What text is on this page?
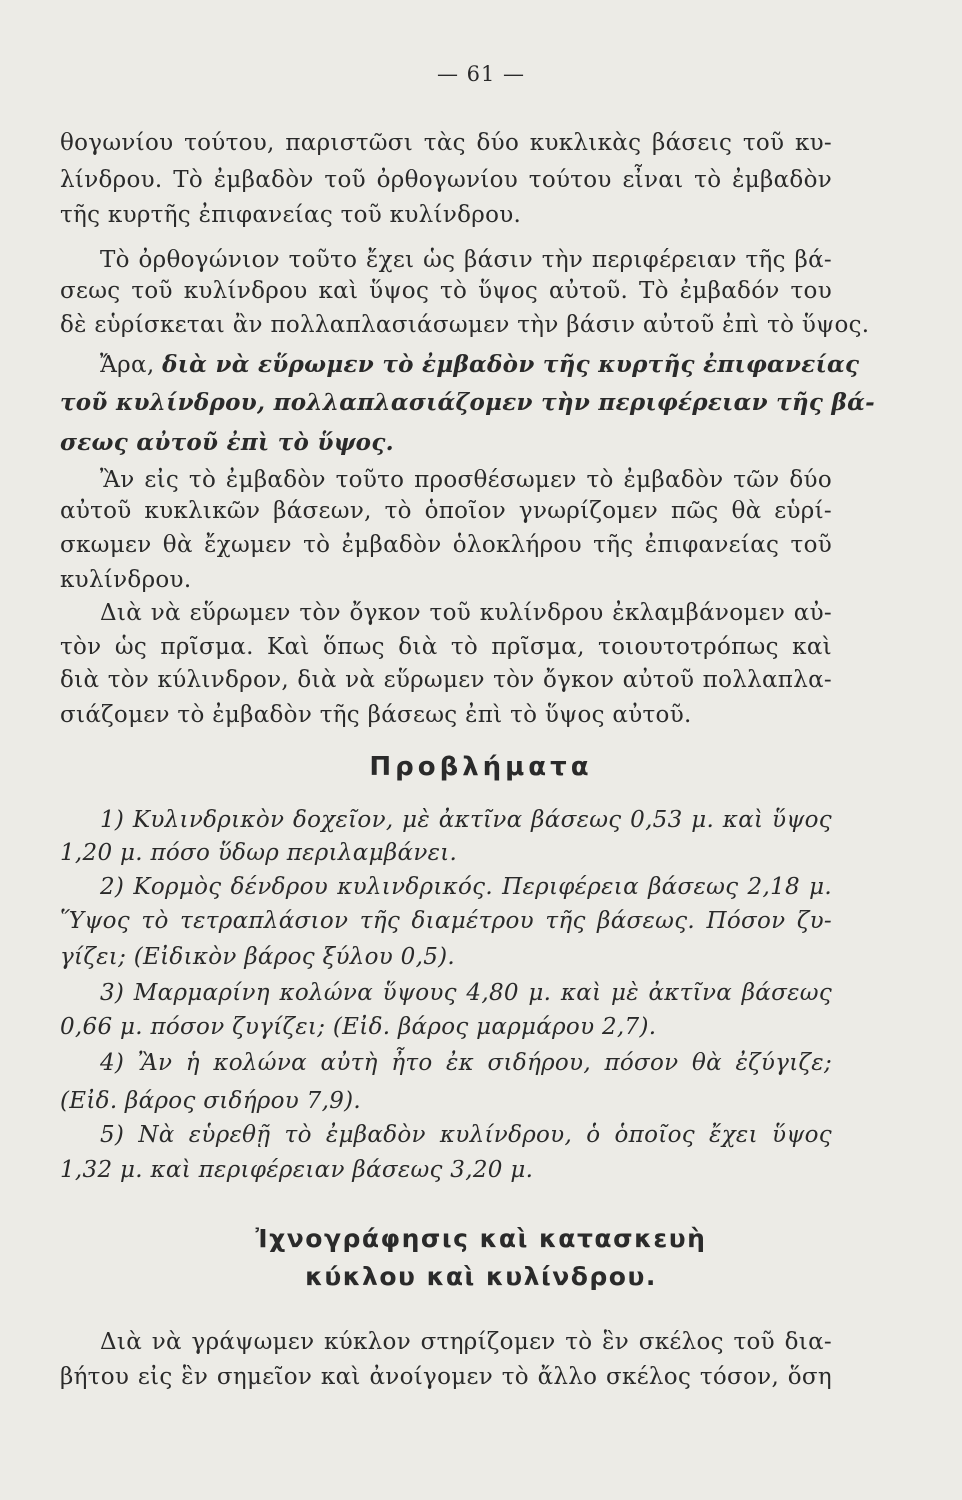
— 61 —
θογωνίου τούτου, παριστῶσι τὰς δύο κυκλικὰς βάσεις τοῦ κυ-
λίνδρου. Τὸ ἐμβαδὸν τοῦ ὀρθογωνίου τούτου εἶναι τὸ ἐμβαδὸν
τῆς κυρτῆς ἐπιφανείας τοῦ κυλίνδρου.
Τὸ ὀρθογώνιον τοῦτο ἔχει ὡς βάσιν τὴν περιφέρειαν τῆς βά-
σεως τοῦ κυλίνδρου καὶ ὕψος τὸ ὕψος αὐτοῦ. Τὸ ἐμβαδόν του
δὲ εὑρίσκεται ἂν πολλαπλασιάσωμεν τὴν βάσιν αὐτοῦ ἐπὶ τὸ ὕψος.
Ἄρα, διὰ νὰ εὕρωμεν τὸ ἐμβαδὸν τῆς κυρτῆς ἐπιφανείας
τοῦ κυλίνδρου, πολλαπλασιάζομεν τὴν περιφέρειαν τῆς βά-
σεως αὐτοῦ ἐπὶ τὸ ὕψος.
Ἂν εἰς τὸ ἐμβαδὸν τοῦτο προσθέσωμεν τὸ ἐμβαδὸν τῶν δύο
αὐτοῦ κυκλικῶν βάσεων, τὸ ὁποῖον γνωρίζομεν πῶς θὰ εὑρί-
σκωμεν θὰ ἔχωμεν τὸ ἐμβαδὸν ὁλοκλήρου τῆς ἐπιφανείας τοῦ
κυλίνδρου.
Διὰ νὰ εὕρωμεν τὸν ὄγκον τοῦ κυλίνδρου ἐκλαμβάνομεν αὐ-
τὸν ὡς πρῖσμα. Καὶ ὅπως διὰ τὸ πρῖσμα, τοιουτοτρόπως καὶ
διὰ τὸν κύλινδρον, διὰ νὰ εὕρωμεν τὸν ὄγκον αὐτοῦ πολλαπλα-
σιάζομεν τὸ ἐμβαδὸν τῆς βάσεως ἐπὶ τὸ ὕψος αὐτοῦ.
Προβλήματα
1) Κυλινδρικὸν δοχεῖον, μὲ ἀκτῖνα βάσεως 0,53 μ. καὶ ὕψος
1,20 μ. πόσο ὕδωρ περιλαμβάνει.
2) Κορμὸς δένδρου κυλινδρικός. Περιφέρεια βάσεως 2,18 μ.
Ὕψος τὸ τετραπλάσιον τῆς διαμέτρου τῆς βάσεως. Πόσον ζυ-
γίζει; (Εἰδικὸν βάρος ξύλου 0,5).
3) Μαρμαρίνη κολώνα ὕψους 4,80 μ. καὶ μὲ ἀκτῖνα βάσεως
0,66 μ. πόσον ζυγίζει; (Εἰδ. βάρος μαρμάρου 2,7).
4) Ἂν ἡ κολώνα αὐτὴ ἦτο ἐκ σιδήρου, πόσον θὰ ἐζύγιζε;
(Εἰδ. βάρος σιδήρου 7,9).
5) Νὰ εὑρεθῇ τὸ ἐμβαδὸν κυλίνδρου, ὁ ὁποῖος ἔχει ὕψος
1,32 μ. καὶ περιφέρειαν βάσεως 3,20 μ.
Ἰχνογράφησις καὶ κατασκευὴ
κύκλου καὶ κυλίνδρου.
Διὰ νὰ γράψωμεν κύκλον στηρίζομεν τὸ ἓν σκέλος τοῦ δια-
βήτου εἰς ἓν σημεῖον καὶ ἀνοίγομεν τὸ ἄλλο σκέλος τόσον, ὅση
